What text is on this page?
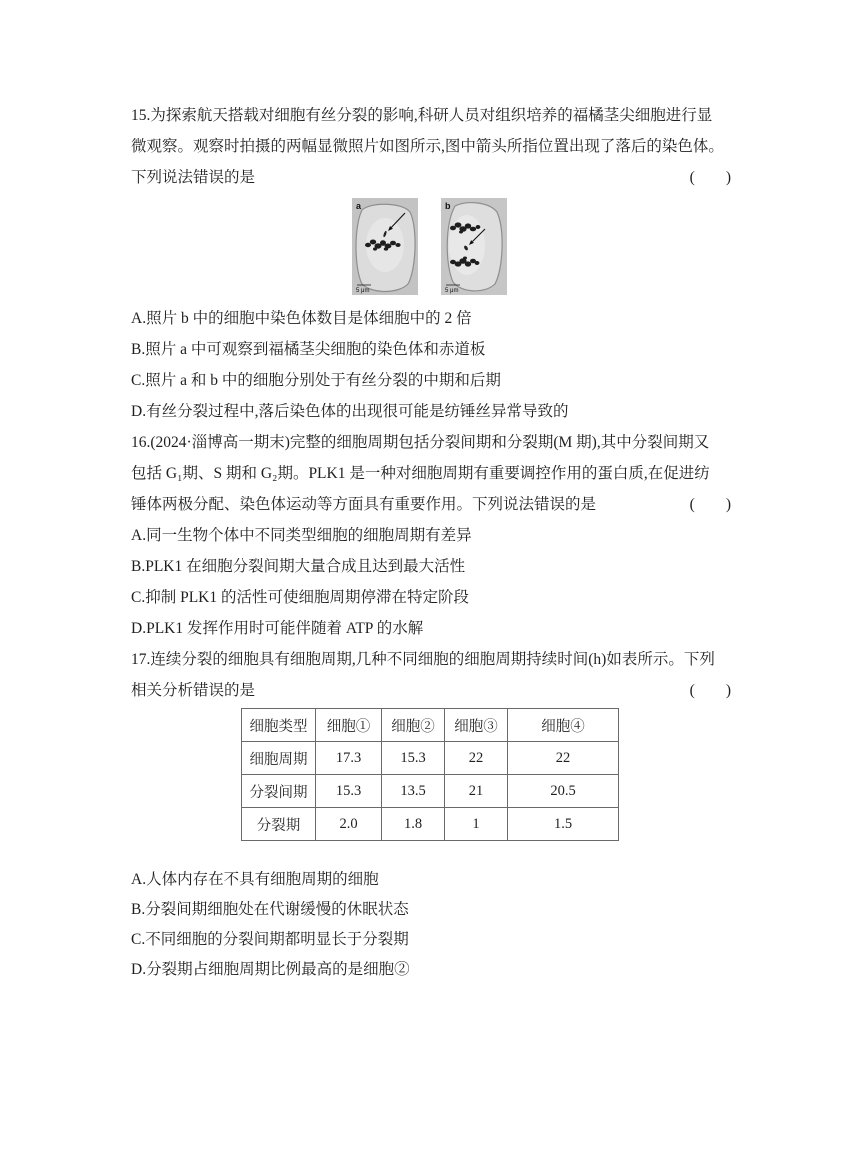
15.为探索航天搭载对细胞有丝分裂的影响,科研人员对组织培养的福橘茎尖细胞进行显
微观察。观察时拍摄的两幅显微照片如图所示,图中箭头所指位置出现了落后的染色体。
下列说法错误的是	(        )
a
5 μm
b
5 μm
A.照片 b 中的细胞中染色体数目是体细胞中的 2 倍
B.照片 a 中可观察到福橘茎尖细胞的染色体和赤道板
C.照片 a 和 b 中的细胞分别处于有丝分裂的中期和后期
D.有丝分裂过程中,落后染色体的出现很可能是纺锤丝异常导致的
16.(2024·淄博高一期末)完整的细胞周期包括分裂间期和分裂期(M 期),其中分裂间期又
包括 G₁期、S 期和 G₂期。PLK1 是一种对细胞周期有重要调控作用的蛋白质,在促进纺
锤体两极分配、染色体运动等方面具有重要作用。下列说法错误的是	(        )
A.同一生物个体中不同类型细胞的细胞周期有差异
B.PLK1 在细胞分裂间期大量合成且达到最大活性
C.抑制 PLK1 的活性可使细胞周期停滞在特定阶段
D.PLK1 发挥作用时可能伴随着 ATP 的水解
17.连续分裂的细胞具有细胞周期,几种不同细胞的细胞周期持续时间(h)如表所示。下列
相关分析错误的是	(        )
细胞类型	细胞①	细胞②	细胞③	细胞④
细胞周期	17.3	15.3	22	22
分裂间期	15.3	13.5	21	20.5
分裂期	2.0	1.8	1	1.5
A.人体内存在不具有细胞周期的细胞
B.分裂间期细胞处在代谢缓慢的休眠状态
C.不同细胞的分裂间期都明显长于分裂期
D.分裂期占细胞周期比例最高的是细胞②
